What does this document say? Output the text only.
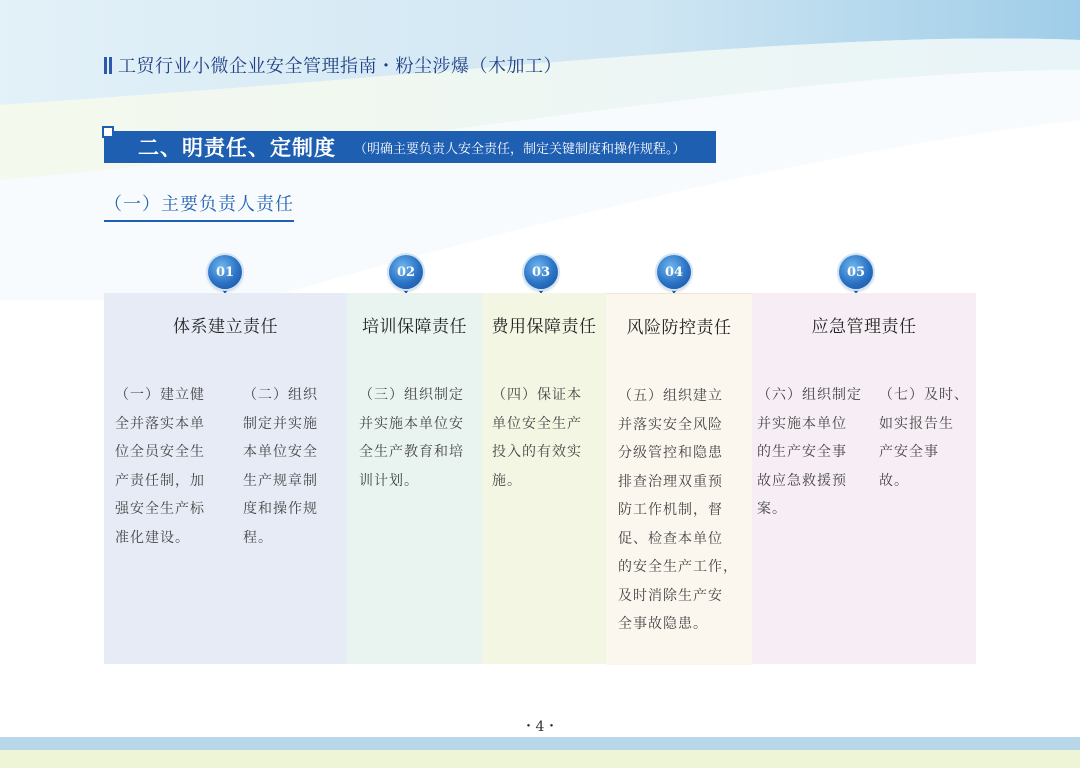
工贸行业小微企业安全管理指南・粉尘涉爆（木加工）
二、明责任、定制度 （明确主要负责人安全责任，制定关键制度和操作规程。）
（一）主要负责人责任
01	02	03	04	05
体系建立责任
（一）建立健
全并落实本单
位全员安全生
产责任制，加
强安全生产标
准化建设。
（二）组织
制定并实施
本单位安全
生产规章制
度和操作规
程。
培训保障责任
（三）组织制定
并实施本单位安
全生产教育和培
训计划。
费用保障责任
（四）保证本
单位安全生产
投入的有效实
施。
风险防控责任
（五）组织建立
并落实安全风险
分级管控和隐患
排查治理双重预
防工作机制，督
促、检查本单位
的安全生产工作，
及时消除生产安
全事故隐患。
应急管理责任
（六）组织制定
并实施本单位
的生产安全事
故应急救援预
案。
（七）及时、
如实报告生
产安全事
故。
・4・
